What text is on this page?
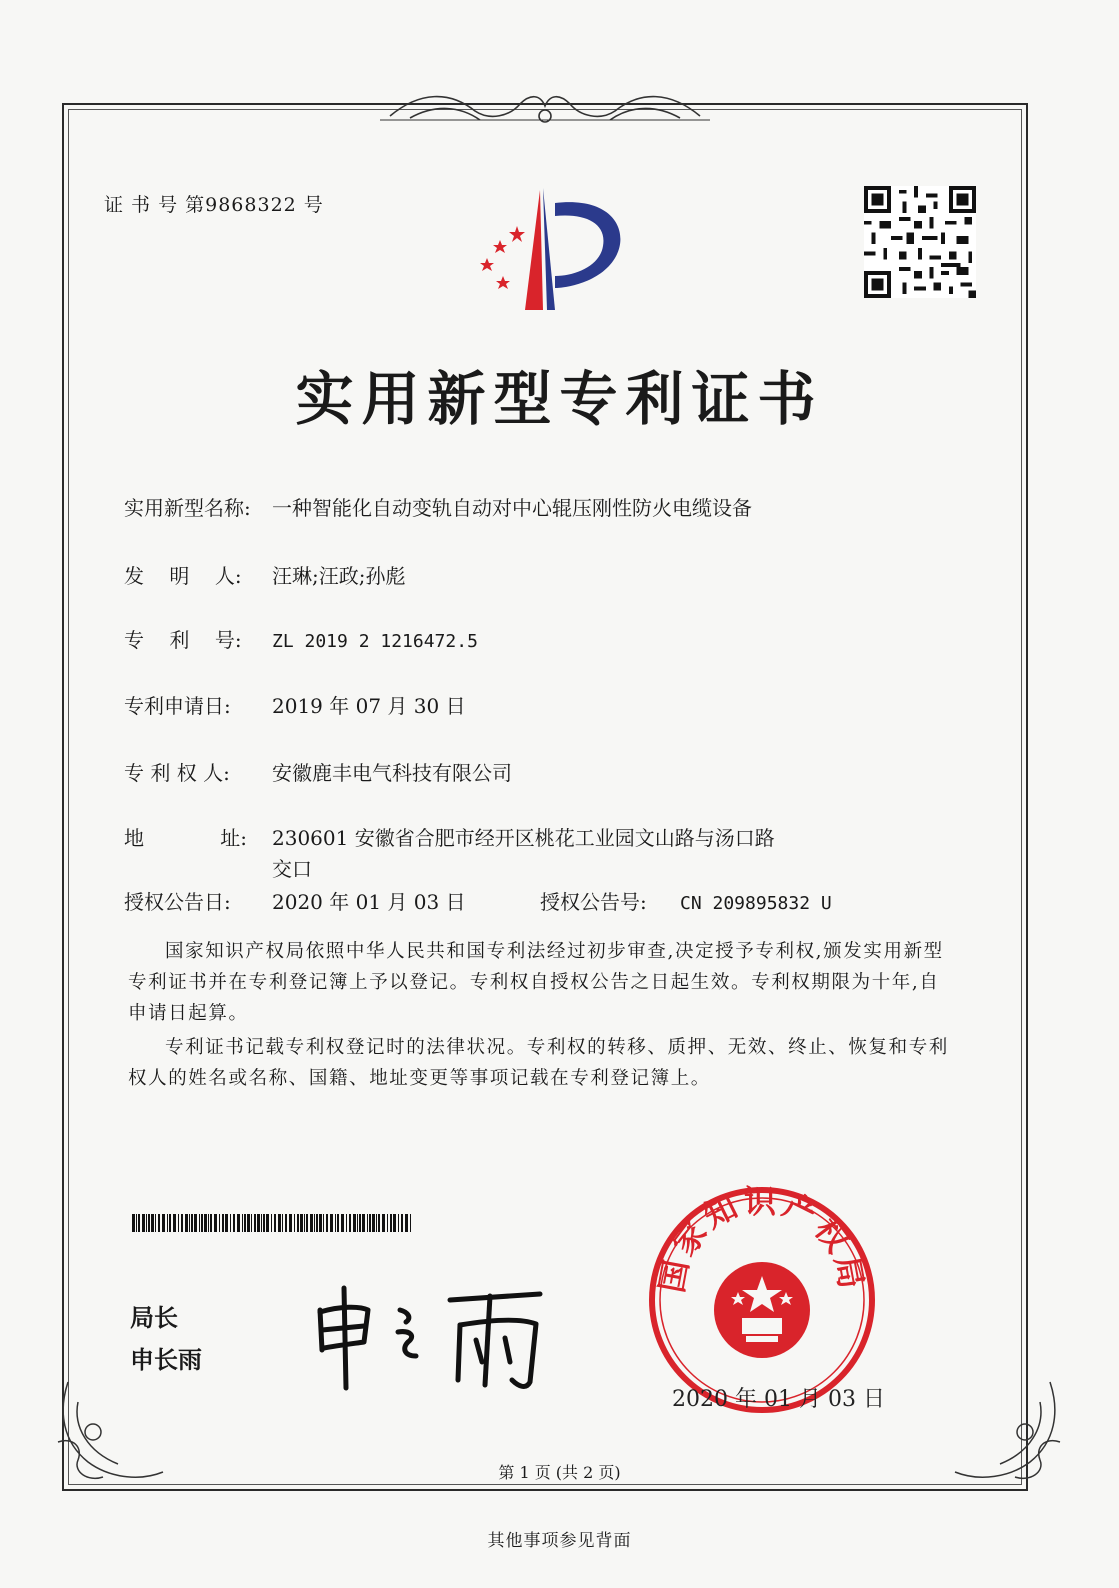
证 书 号 第9868322 号
实用新型专利证书
实用新型名称: 一种智能化自动变轨自动对中心辊压刚性防火电缆设备
发    明    人: 汪琳;汪政;孙彪
专    利    号: ZL 2019 2 1216472.5
专利申请日: 2019 年 07 月 30 日
专 利 权 人: 安徽鹿丰电气科技有限公司
地            址: 230601 安徽省合肥市经开区桃花工业园文山路与汤口路
交口
授权公告日: 2020 年 01 月 03 日	授权公告号: CN 209895832 U

国家知识产权局依照中华人民共和国专利法经过初步审查,决定授予专利权,颁发实用新型专利证书并在专利登记簿上予以登记。专利权自授权公告之日起生效。专利权期限为十年,自申请日起算。

专利证书记载专利权登记时的法律状况。专利权的转移、质押、无效、终止、恢复和专利权人的姓名或名称、国籍、地址变更等事项记载在专利登记簿上。

局长
申长雨
国家知识产权局
2020 年 01 月 03 日
第 1 页 (共 2 页)
其他事项参见背面
